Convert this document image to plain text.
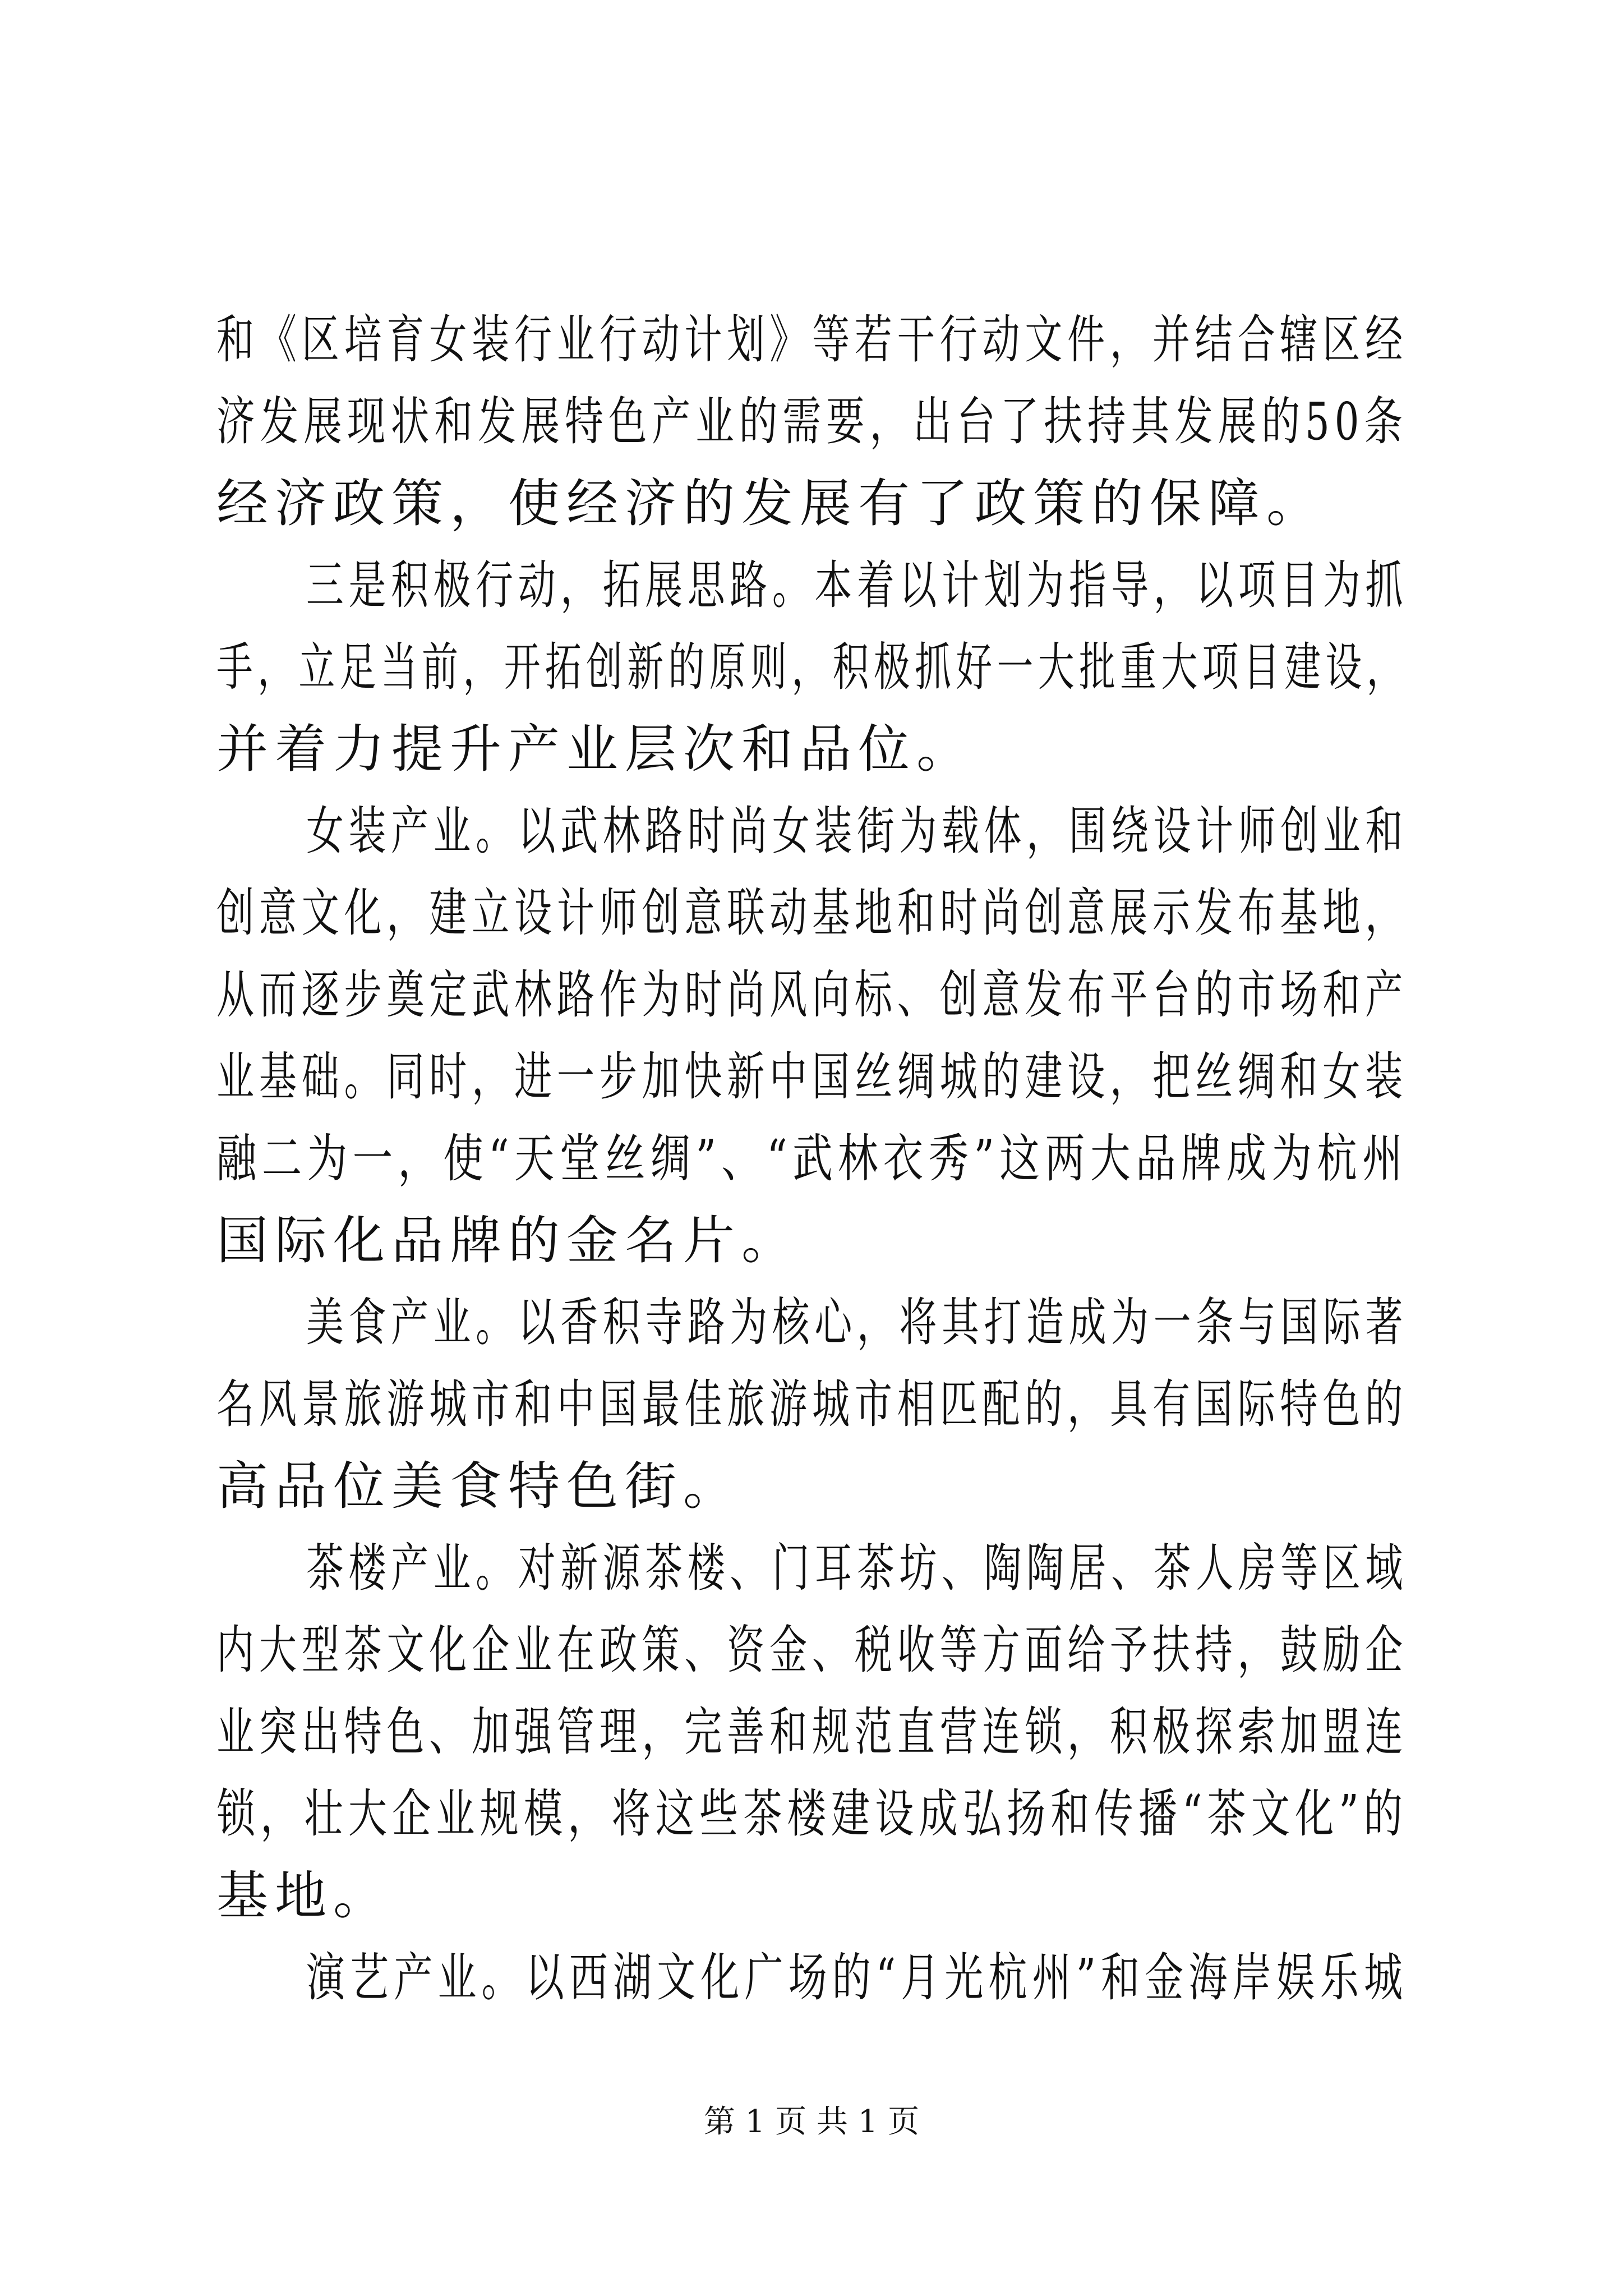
和《区培育女装行业行动计划》等若干行动文件，并结合辖区经
济发展现状和发展特色产业的需要，出台了扶持其发展的50条
经济政策，使经济的发展有了政策的保障。
三是积极行动，拓展思路。本着以计划为指导，以项目为抓
手，立足当前，开拓创新的原则，积极抓好一大批重大项目建设，
并着力提升产业层次和品位。
女装产业。以武林路时尚女装街为载体，围绕设计师创业和
创意文化，建立设计师创意联动基地和时尚创意展示发布基地，
从而逐步奠定武林路作为时尚风向标、创意发布平台的市场和产
业基础。同时，进一步加快新中国丝绸城的建设，把丝绸和女装
融二为一，使“天堂丝绸”、“武林衣秀”这两大品牌成为杭州
国际化品牌的金名片。
美食产业。以香积寺路为核心，将其打造成为一条与国际著
名风景旅游城市和中国最佳旅游城市相匹配的，具有国际特色的
高品位美食特色街。
茶楼产业。对新源茶楼、门耳茶坊、陶陶居、茶人房等区域
内大型茶文化企业在政策、资金、税收等方面给予扶持，鼓励企
业突出特色、加强管理，完善和规范直营连锁，积极探索加盟连
锁，壮大企业规模，将这些茶楼建设成弘扬和传播“茶文化”的
基地。
演艺产业。以西湖文化广场的“月光杭州”和金海岸娱乐城
第 1 页 共 1 页
